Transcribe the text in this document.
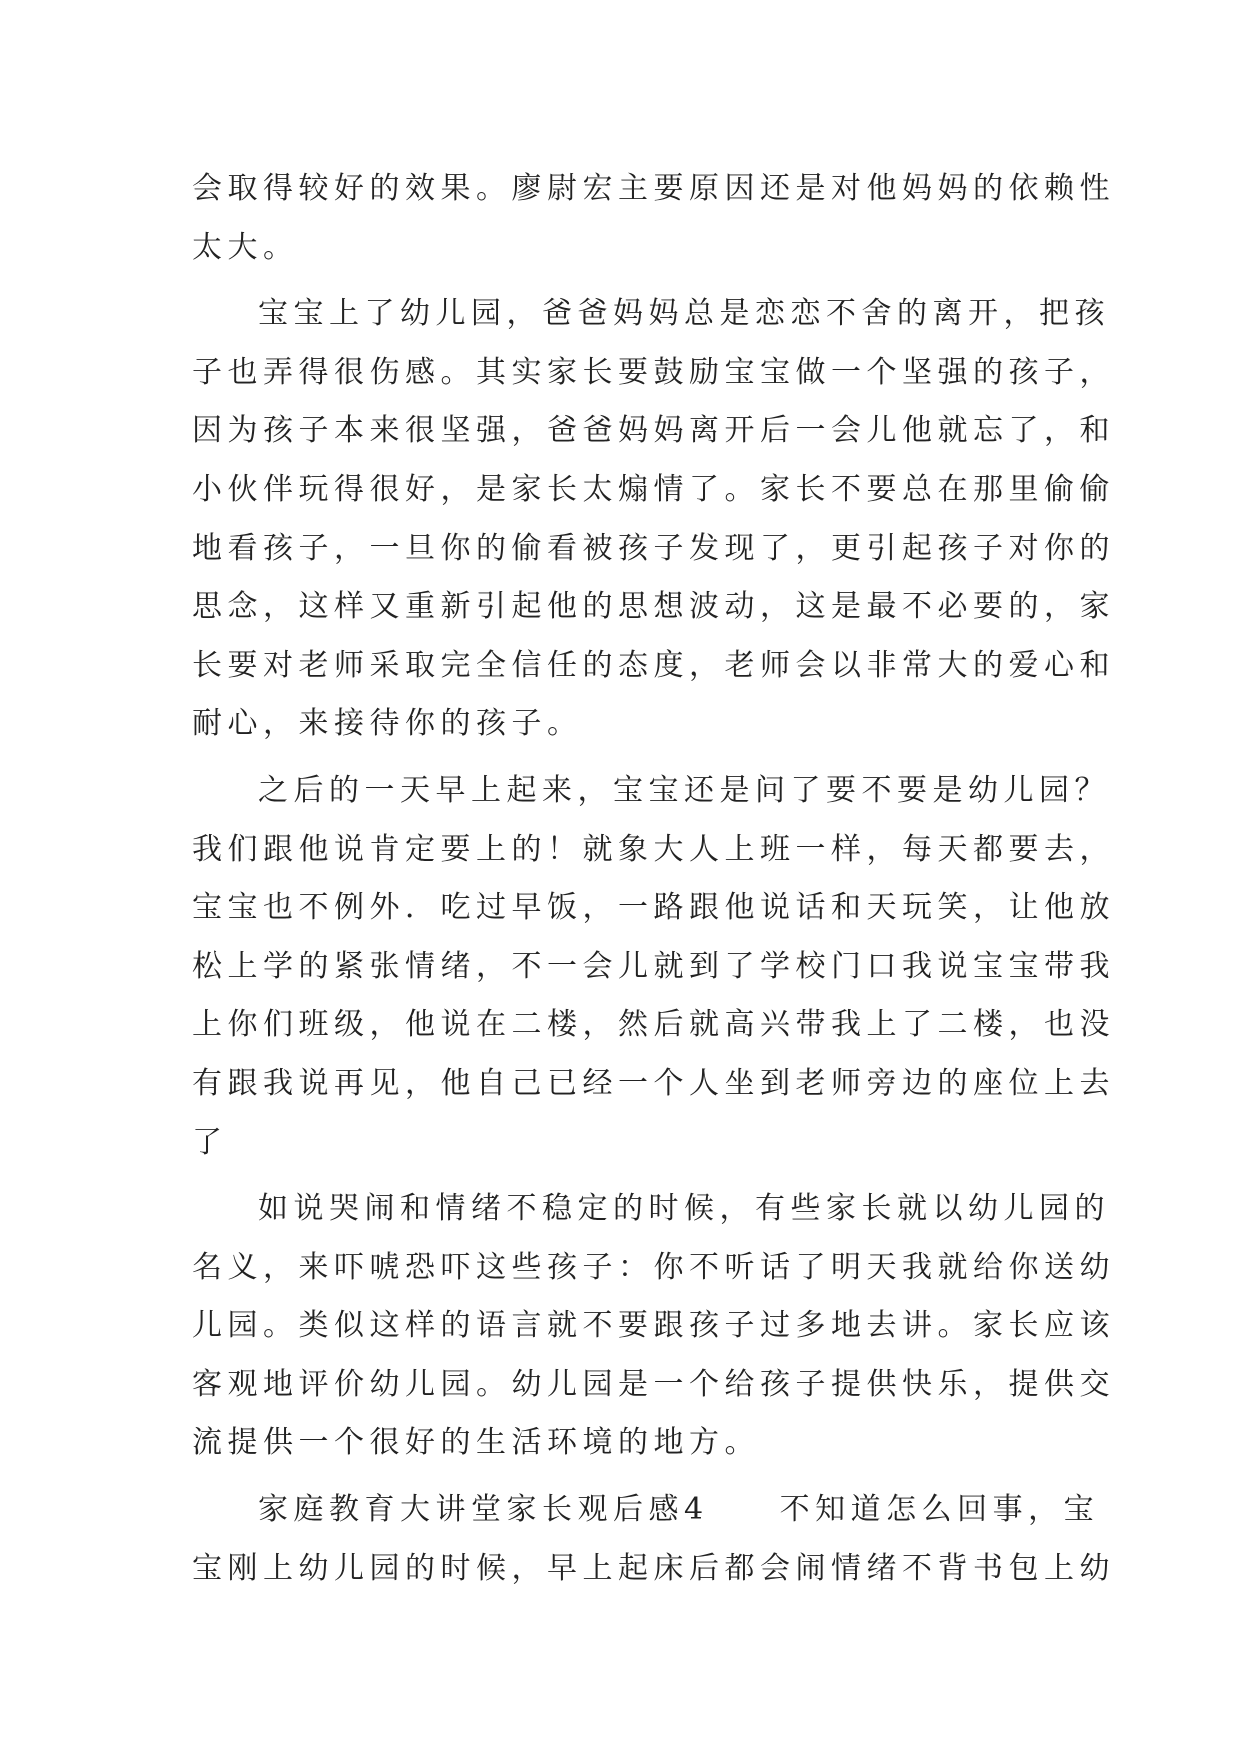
会取得较好的效果。廖尉宏主要原因还是对他妈妈的依赖性
太大。
宝宝上了幼儿园，爸爸妈妈总是恋恋不舍的离开，把孩
子也弄得很伤感。其实家长要鼓励宝宝做一个坚强的孩子，
因为孩子本来很坚强，爸爸妈妈离开后一会儿他就忘了，和
小伙伴玩得很好，是家长太煽情了。家长不要总在那里偷偷
地看孩子，一旦你的偷看被孩子发现了，更引起孩子对你的
思念，这样又重新引起他的思想波动，这是最不必要的，家
长要对老师采取完全信任的态度，老师会以非常大的爱心和
耐心，来接待你的孩子。
之后的一天早上起来，宝宝还是问了要不要是幼儿园？
我们跟他说肯定要上的！就象大人上班一样，每天都要去，
宝宝也不例外．吃过早饭，一路跟他说话和天玩笑，让他放
松上学的紧张情绪，不一会儿就到了学校门口我说宝宝带我
上你们班级，他说在二楼，然后就高兴带我上了二楼，也没
有跟我说再见，他自己已经一个人坐到老师旁边的座位上去
了
如说哭闹和情绪不稳定的时候，有些家长就以幼儿园的
名义，来吓唬恐吓这些孩子：你不听话了明天我就给你送幼
儿园。类似这样的语言就不要跟孩子过多地去讲。家长应该
客观地评价幼儿园。幼儿园是一个给孩子提供快乐，提供交
流提供一个很好的生活环境的地方。
家庭教育大讲堂家长观后感4　　不知道怎么回事，宝
宝刚上幼儿园的时候，早上起床后都会闹情绪不背书包上幼
